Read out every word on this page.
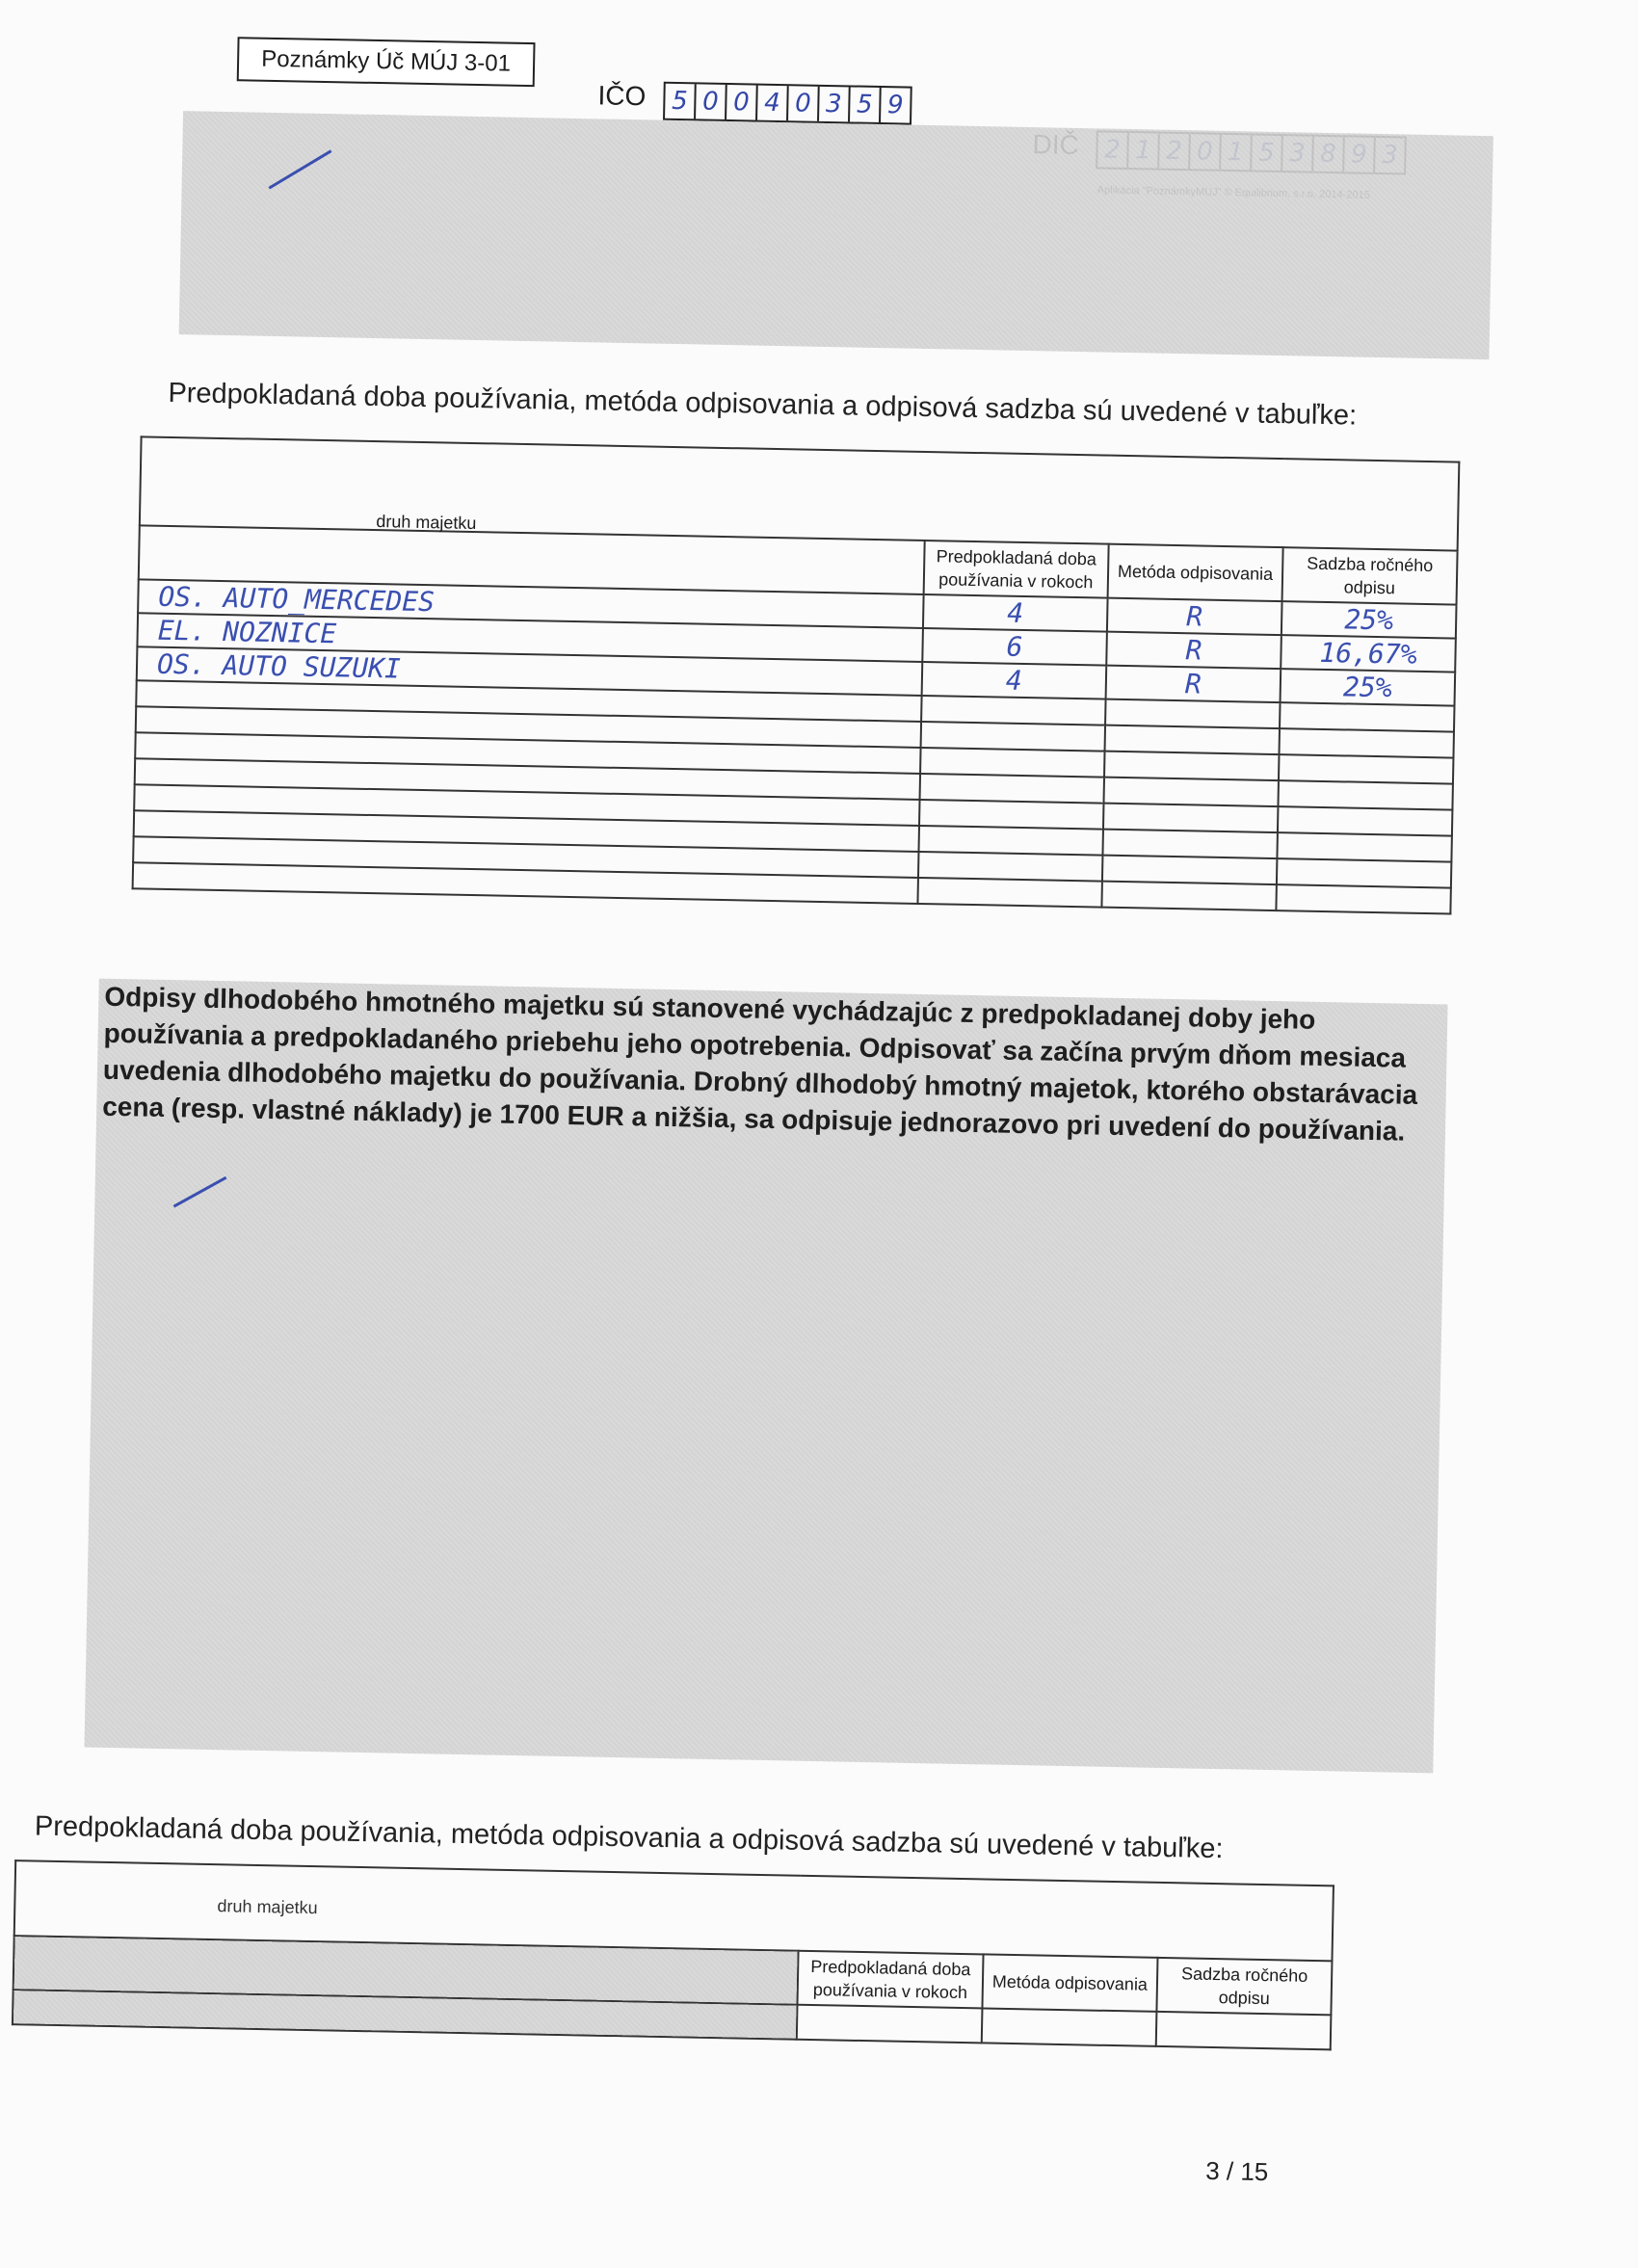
Poznámky Úč MÚJ 3-01
IČO 5 0 0 4 0 3 5 9
Predpokladaná doba používania, metóda odpisovania a odpisová sadzba sú uvedené v tabuľke:

druh majetku	Predpokladaná doba používania v rokoch	Metóda odpisovania	Sadzba ročného odpisu
OS. AUTO_MERCEDES	4	R	25%
EL. NOZNICE	6	R	16,67%
OS. AUTO SUZUKI	4	R	25%

Odpisy dlhodobého hmotného majetku sú stanovené vychádzajúc z predpokladanej doby jeho používania a predpokladaného priebehu jeho opotrebenia. Odpisovať sa začína prvým dňom mesiaca uvedenia dlhodobého majetku do používania. Drobný dlhodobý hmotný majetok, ktorého obstarávacia cena (resp. vlastné náklady) je 1700 EUR a nižšia, sa odpisuje jednorazovo pri uvedení do používania.
Predpokladaná doba používania, metóda odpisovania a odpisová sadzba sú uvedené v tabuľke:

druh majetku	Predpokladaná doba používania v rokoch	Metóda odpisovania	Sadzba ročného odpisu

3 / 15
